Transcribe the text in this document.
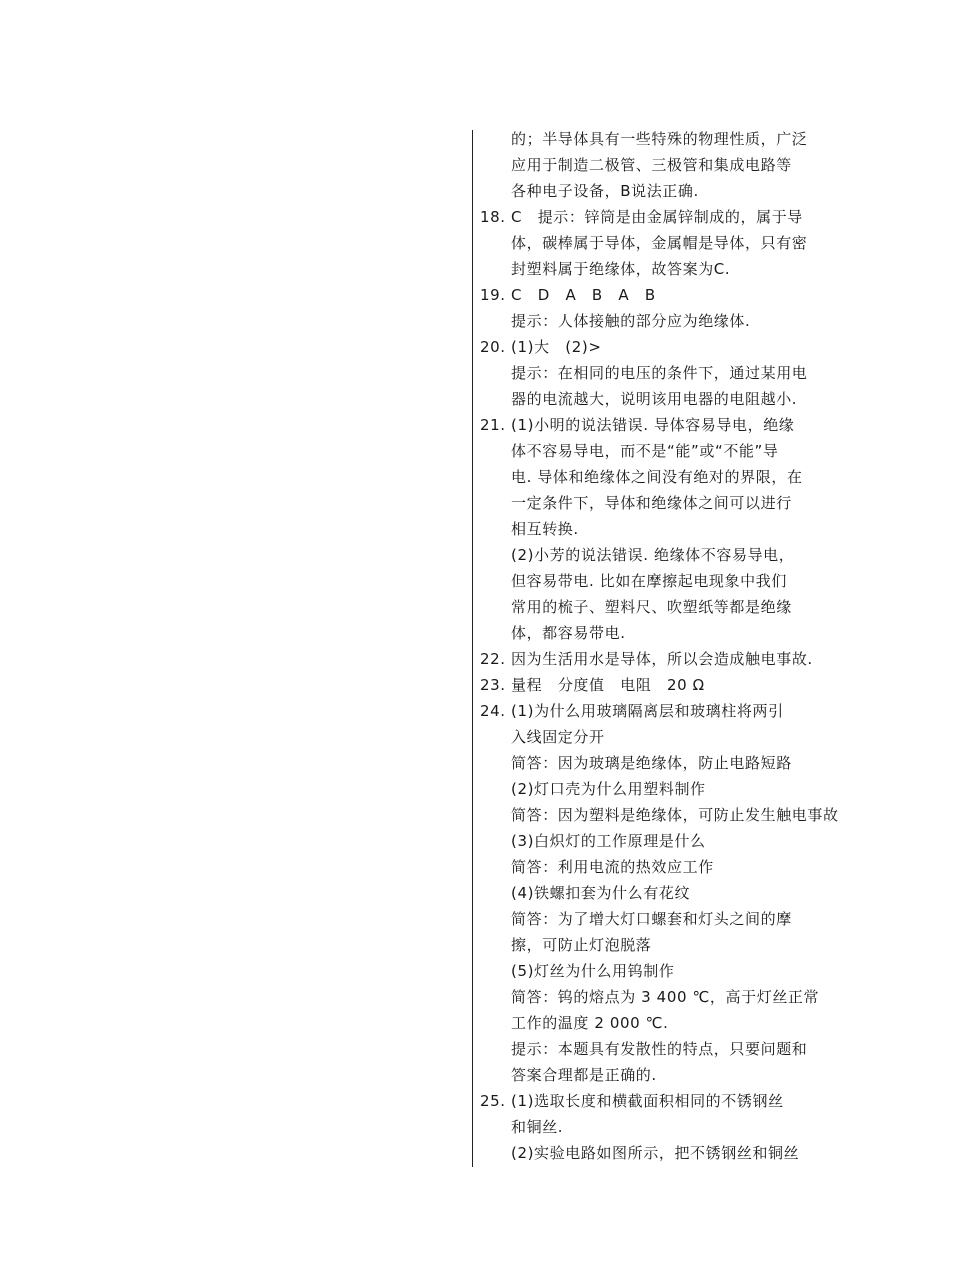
的；半导体具有一些特殊的物理性质，广泛
应用于制造二极管、三极管和集成电路等
各种电子设备，B说法正确.
18. C　提示：锌筒是由金属锌制成的，属于导
体，碳棒属于导体，金属帽是导体，只有密
封塑料属于绝缘体，故答案为C.
19. C　D　A　B　A　B
提示：人体接触的部分应为绝缘体.
20. (1)大　(2)>
提示：在相同的电压的条件下，通过某用电
器的电流越大，说明该用电器的电阻越小.
21. (1)小明的说法错误. 导体容易导电，绝缘
体不容易导电，而不是“能”或“不能”导
电. 导体和绝缘体之间没有绝对的界限，在
一定条件下，导体和绝缘体之间可以进行
相互转换.
(2)小芳的说法错误. 绝缘体不容易导电，
但容易带电. 比如在摩擦起电现象中我们
常用的梳子、塑料尺、吹塑纸等都是绝缘
体，都容易带电.
22. 因为生活用水是导体，所以会造成触电事故.
23. 量程　分度值　电阻　20 Ω
24. (1)为什么用玻璃隔离层和玻璃柱将两引
入线固定分开
简答：因为玻璃是绝缘体，防止电路短路
(2)灯口壳为什么用塑料制作
简答：因为塑料是绝缘体，可防止发生触电事故
(3)白炽灯的工作原理是什么
简答：利用电流的热效应工作
(4)铁螺扣套为什么有花纹
简答：为了增大灯口螺套和灯头之间的摩
擦，可防止灯泡脱落
(5)灯丝为什么用钨制作
简答：钨的熔点为 3 400 ℃，高于灯丝正常
工作的温度 2 000 ℃.
提示：本题具有发散性的特点，只要问题和
答案合理都是正确的.
25. (1)选取长度和横截面积相同的不锈钢丝
和铜丝.
(2)实验电路如图所示，把不锈钢丝和铜丝
